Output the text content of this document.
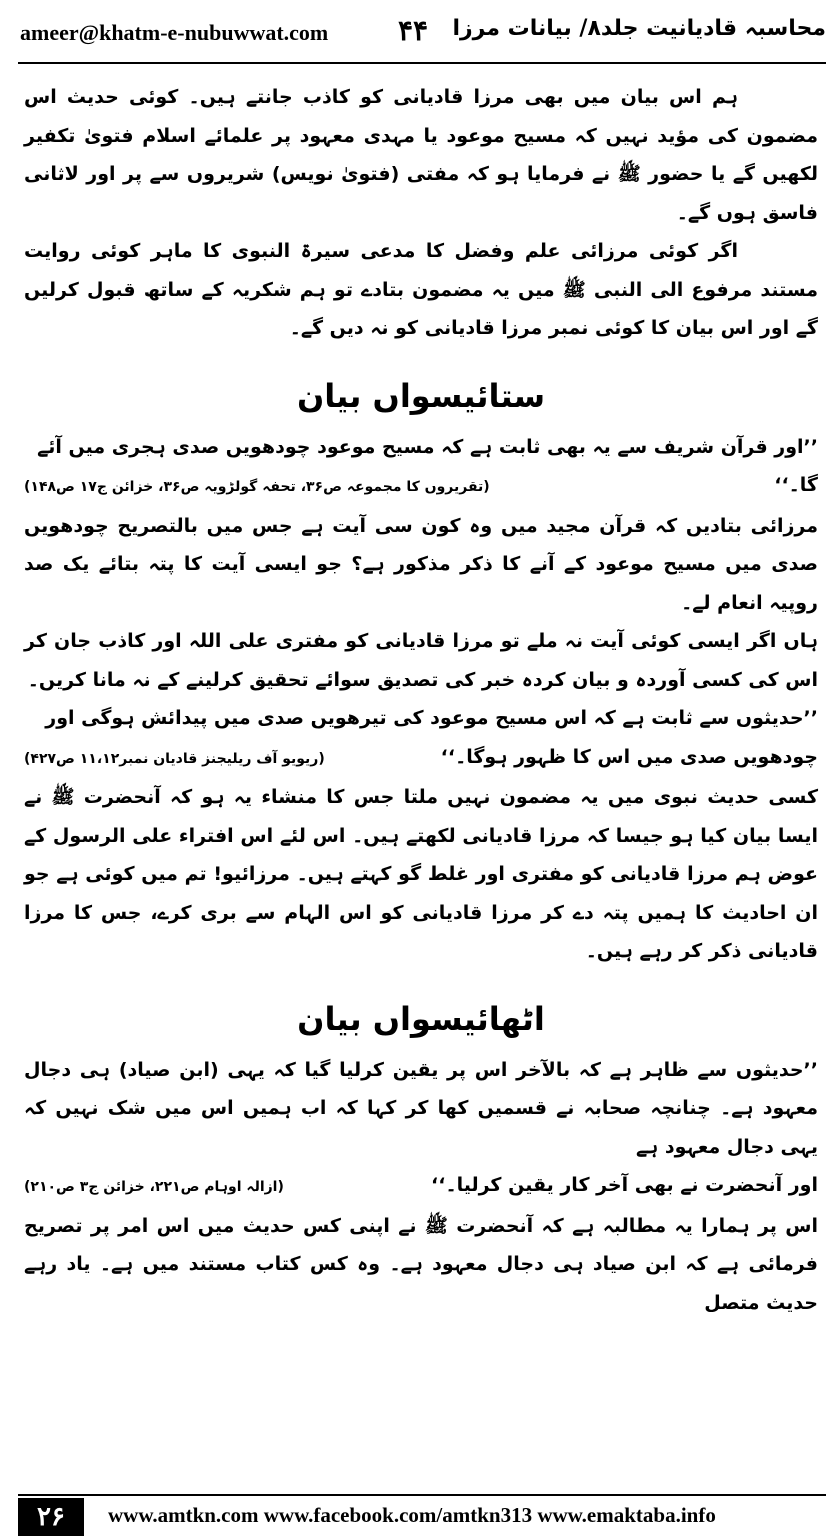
ameer@khatm-e-nubuwwat.com ۴۴ محاسبہ قادیانیت جلد۸/ بیانات مرزا

ہم اس بیان میں بھی مرزا قادیانی کو کاذب جانتے ہیں۔ کوئی حدیث اس مضمون کی مؤید نہیں کہ مسیح موعود یا مہدی معہود پر علمائے اسلام فتویٰ تکفیر لکھیں گے یا حضور ﷺ نے فرمایا ہو کہ مفتی (فتویٰ نویس) شریروں سے پر اور لاثانی فاسق ہوں گے۔

اگر کوئی مرزائی علم وفضل کا مدعی سیرۃ النبوی کا ماہر کوئی روایت مستند مرفوع الی النبی ﷺ میں یہ مضمون بتادے تو ہم شکریہ کے ساتھ قبول کرلیں گے اور اس بیان کا کوئی نمبر مرزا قادیانی کو نہ دیں گے۔

ستائیسواں بیان

’’اور قرآن شریف سے یہ بھی ثابت ہے کہ مسیح موعود چودھویں صدی ہجری میں آئے

گا۔‘‘
(تقریروں کا مجموعہ ص۳۶، تحفہ گولڑویہ ص۳۶، خزائن ج۱۷ ص۱۴۸)

مرزائی بتادیں کہ قرآن مجید میں وہ کون سی آیت ہے جس میں بالتصریح چودھویں صدی میں مسیح موعود کے آنے کا ذکر مذکور ہے؟ جو ایسی آیت کا پتہ بتائے یک صد روپیہ انعام لے۔

ہاں اگر ایسی کوئی آیت نہ ملے تو مرزا قادیانی کو مفتری علی اللہ اور کاذب جان کر اس کی کسی آوردہ و بیان کردہ خبر کی تصدیق سوائے تحقیق کرلینے کے نہ مانا کریں۔

’’حدیثوں سے ثابت ہے کہ اس مسیح موعود کی تیرھویں صدی میں پیدائش ہوگی اور

چودھویں صدی میں اس کا ظہور ہوگا۔‘‘
(ریویو آف ریلیجنز قادیان نمبر۱۱،۱۲ ص۴۲۷)

کسی حدیث نبوی میں یہ مضمون نہیں ملتا جس کا منشاء یہ ہو کہ آنحضرت ﷺ نے ایسا بیان کیا ہو جیسا کہ مرزا قادیانی لکھتے ہیں۔ اس لئے اس افتراء علی الرسول کے عوض ہم مرزا قادیانی کو مفتری اور غلط گو کہتے ہیں۔ مرزائیو! تم میں کوئی ہے جو ان احادیث کا ہمیں پتہ دے کر مرزا قادیانی کو اس الہام سے بری کرے، جس کا مرزا قادیانی ذکر کر رہے ہیں۔

اٹھائیسواں بیان

’’حدیثوں سے ظاہر ہے کہ بالآخر اس پر یقین کرلیا گیا کہ یہی (ابن صیاد) ہی دجال معہود ہے۔ چنانچہ صحابہ نے قسمیں کھا کر کہا کہ اب ہمیں اس میں شک نہیں کہ یہی دجال معہود ہے

اور آنحضرت نے بھی آخر کار یقین کرلیا۔‘‘
(ازالہ اوہام ص۲۲۱، خزائن ج۳ ص۲۱۰)

اس پر ہمارا یہ مطالبہ ہے کہ آنحضرت ﷺ نے اپنی کس حدیث میں اس امر پر تصریح فرمائی ہے کہ ابن صیاد ہی دجال معہود ہے۔ وہ کس کتاب مستند میں ہے۔ یاد رہے حدیث متصل

۲۶	www.amtkn.com www.facebook.com/amtkn313 www.emaktaba.info
